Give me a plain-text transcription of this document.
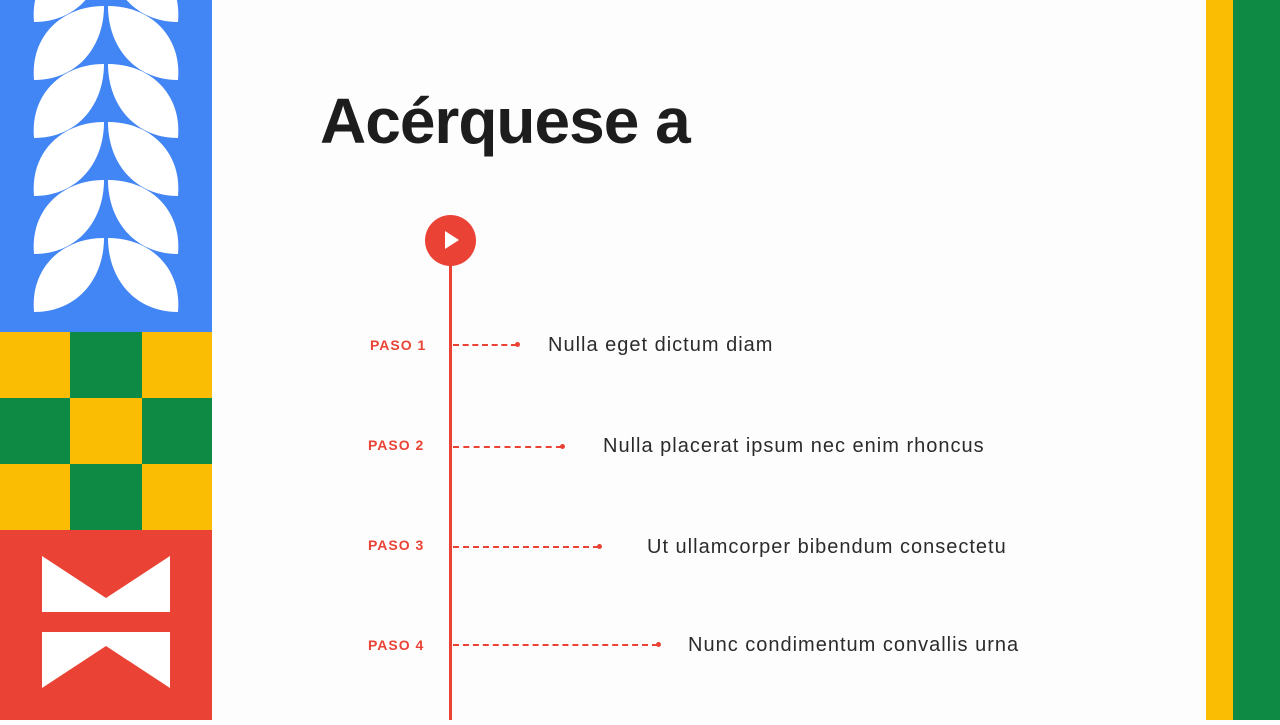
Acérquese a
PASO 1	Nulla eget dictum diam
PASO 2	Nulla placerat ipsum nec enim rhoncus
PASO 3	Ut ullamcorper bibendum consectetu
PASO 4	Nunc condimentum convallis urna
